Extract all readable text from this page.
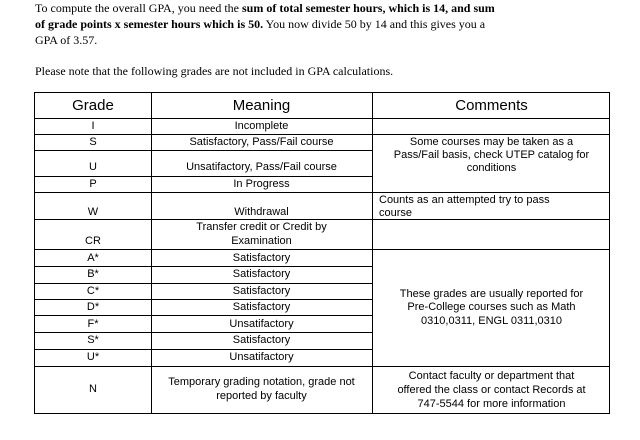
To compute the overall GPA, you need the sum of total semester hours, which is 14, and sum
of grade points x semester hours which is 50. You now divide 50 by 14 and this gives you a
GPA of 3.57.
Please note that the following grades are not included in GPA calculations.
Grade	Meaning	Comments
I
S
U
P
W
CR
A*
B*
C*
D*
F*
S*
U*
N
Incomplete
Satisfactory, Pass/Fail course
Unsatifactory, Pass/Fail course
In Progress
Withdrawal
Transfer credit or Credit by
Examination
Satisfactory
Satisfactory
Satisfactory
Satisfactory
Unsatifactory
Satisfactory
Unsatifactory
Temporary grading notation, grade not
reported by faculty
Some courses may be taken as a
Pass/Fail basis, check UTEP catalog for
conditions
Counts as an attempted try to pass
course
These grades are usually reported for
Pre-College courses such as Math
0310,0311, ENGL 0311,0310
Contact faculty or department that
offered the class or contact Records at
747-5544 for more information
